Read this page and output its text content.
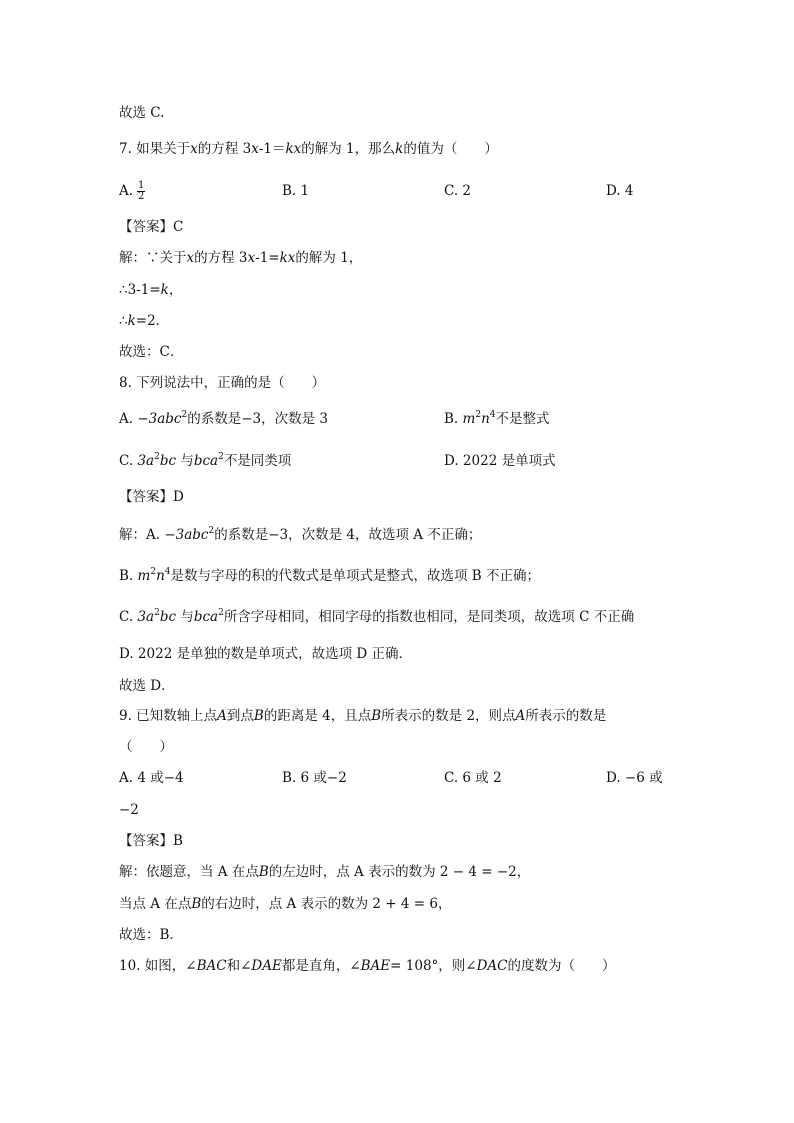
故选 C.
7. 如果关于x的方程 3x-1＝kx的解为 1，那么k的值为（　　）
A. $\frac{1}{2}$	B. 1	C. 2	D. 4
【答案】C
解：∵关于x的方程 3x-1=kx的解为 1，
∴3-1=k，
∴k=2．
故选：C．
8. 下列说法中，正确的是（　　）
A. −3abc$^2$的系数是−3，次数是 3	B. $m^2n^4$不是整式
C. $3a^2bc$ 与bca$^2$不是同类项	D. 2022 是单项式
【答案】D
解：A. −3abc$^2$的系数是−3，次数是 4，故选项 A 不正确；
B. $m^2n^4$是数与字母的积的代数式是单项式是整式，故选项 B 不正确；
C. $3a^2bc$ 与bca$^2$所含字母相同，相同字母的指数也相同，是同类项，故选项 C 不正确
D. 2022 是单独的数是单项式，故选项 D 正确．
故选 D．
9. 已知数轴上点A到点B的距离是 4，且点B所表示的数是 2，则点A所表示的数是
（　　）
A. 4 或−4	B. 6 或−2	C. 6 或 2	D. −6 或
−2
【答案】B
解：依题意，当 A 在点B的左边时，点 A 表示的数为 2 − 4 = −2，
当点 A 在点B的右边时，点 A 表示的数为 2 + 4 = 6，
故选：B．
10. 如图，∠BAC和∠DAE都是直角，∠BAE= 108°，则∠DAC的度数为（　　）
